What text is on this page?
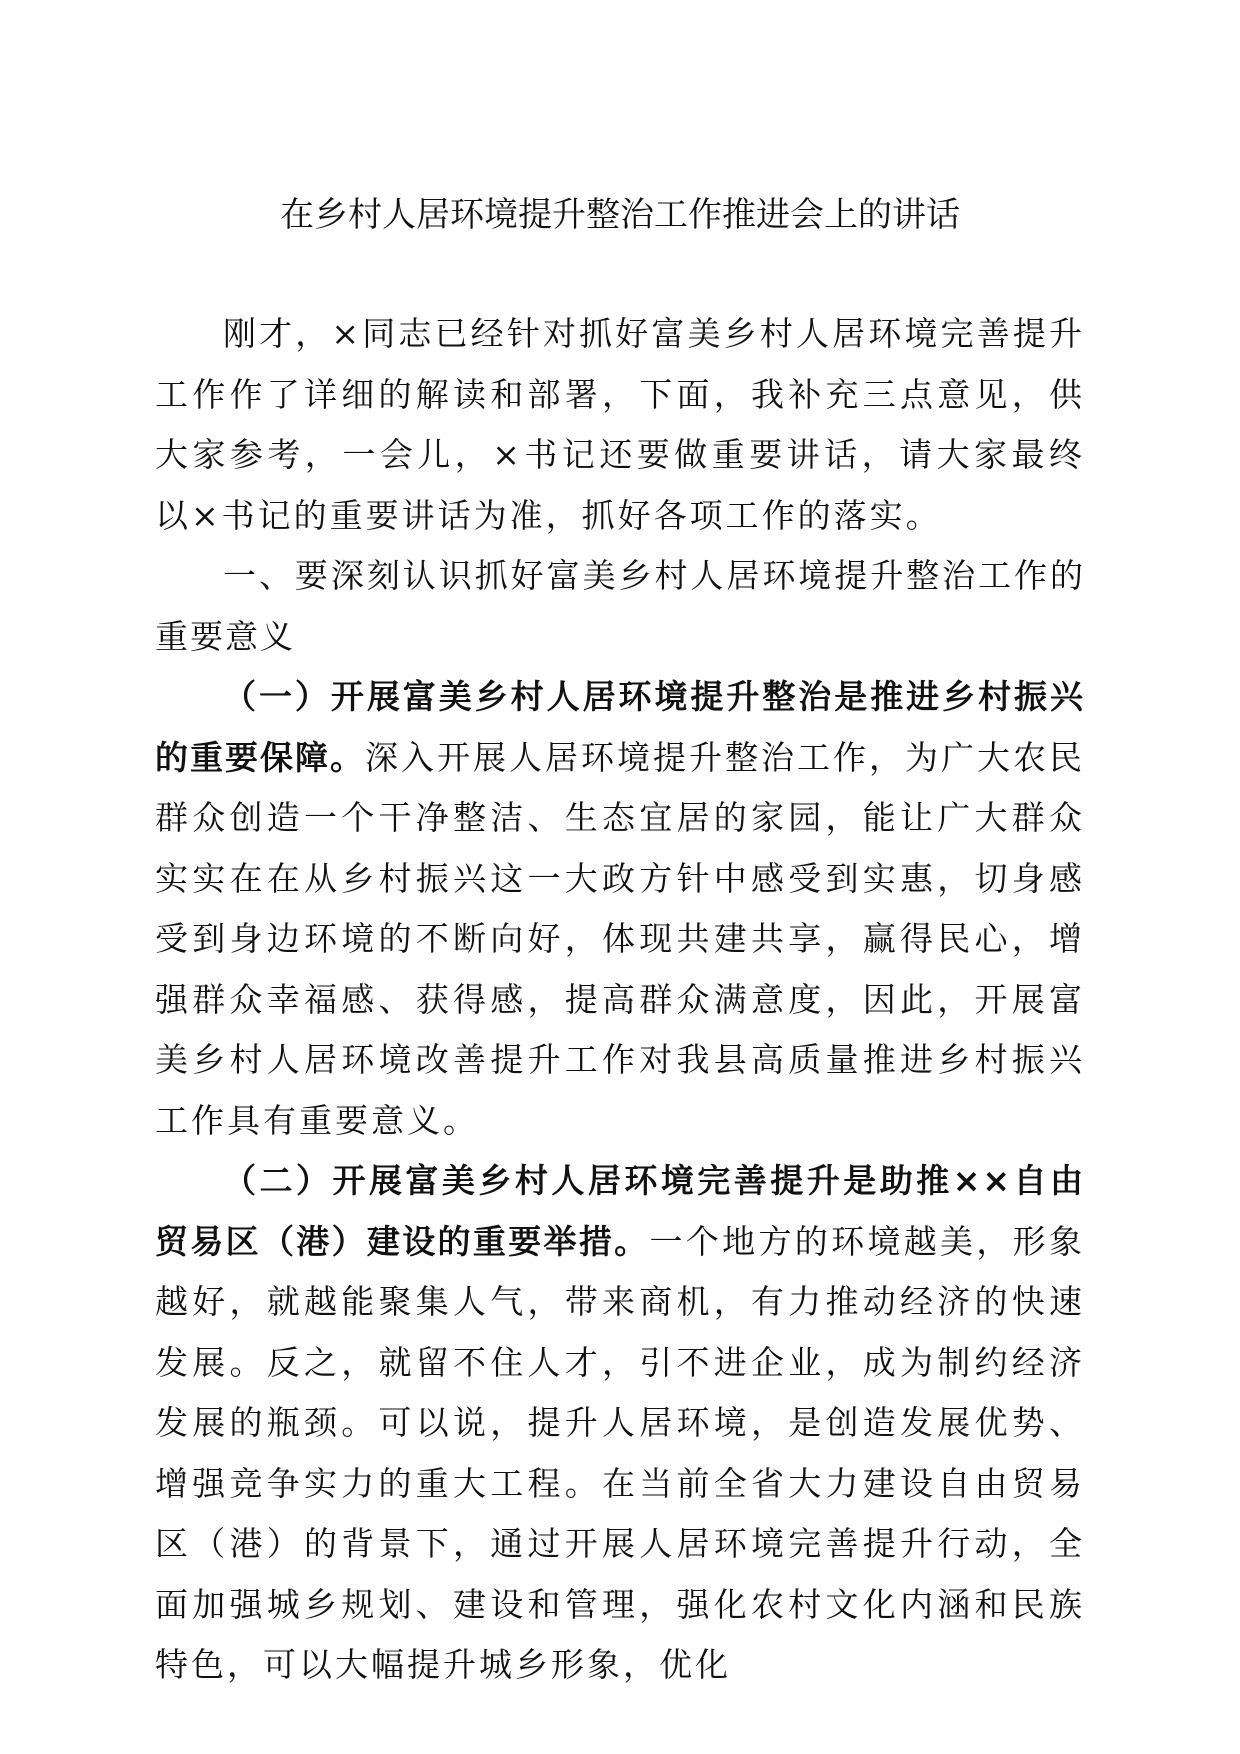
在乡村人居环境提升整治工作推进会上的讲话

刚才，×同志已经针对抓好富美乡村人居环境完善提升工作作了详细的解读和部署，下面，我补充三点意见，供大家参考，一会儿，×书记还要做重要讲话，请大家最终以×书记的重要讲话为准，抓好各项工作的落实。

一、要深刻认识抓好富美乡村人居环境提升整治工作的重要意义

（一）开展富美乡村人居环境提升整治是推进乡村振兴的重要保障。深入开展人居环境提升整治工作，为广大农民群众创造一个干净整洁、生态宜居的家园，能让广大群众实实在在从乡村振兴这一大政方针中感受到实惠，切身感受到身边环境的不断向好，体现共建共享，赢得民心，增强群众幸福感、获得感，提高群众满意度，因此，开展富美乡村人居环境改善提升工作对我县高质量推进乡村振兴工作具有重要意义。

（二）开展富美乡村人居环境完善提升是助推××自由贸易区（港）建设的重要举措。一个地方的环境越美，形象越好，就越能聚集人气，带来商机，有力推动经济的快速发展。反之，就留不住人才，引不进企业，成为制约经济发展的瓶颈。可以说，提升人居环境，是创造发展优势、增强竞争实力的重大工程。在当前全省大力建设自由贸易区（港）的背景下，通过开展人居环境完善提升行动，全面加强城乡规划、建设和管理，强化农村文化内涵和民族特色，可以大幅提升城乡形象，优化
